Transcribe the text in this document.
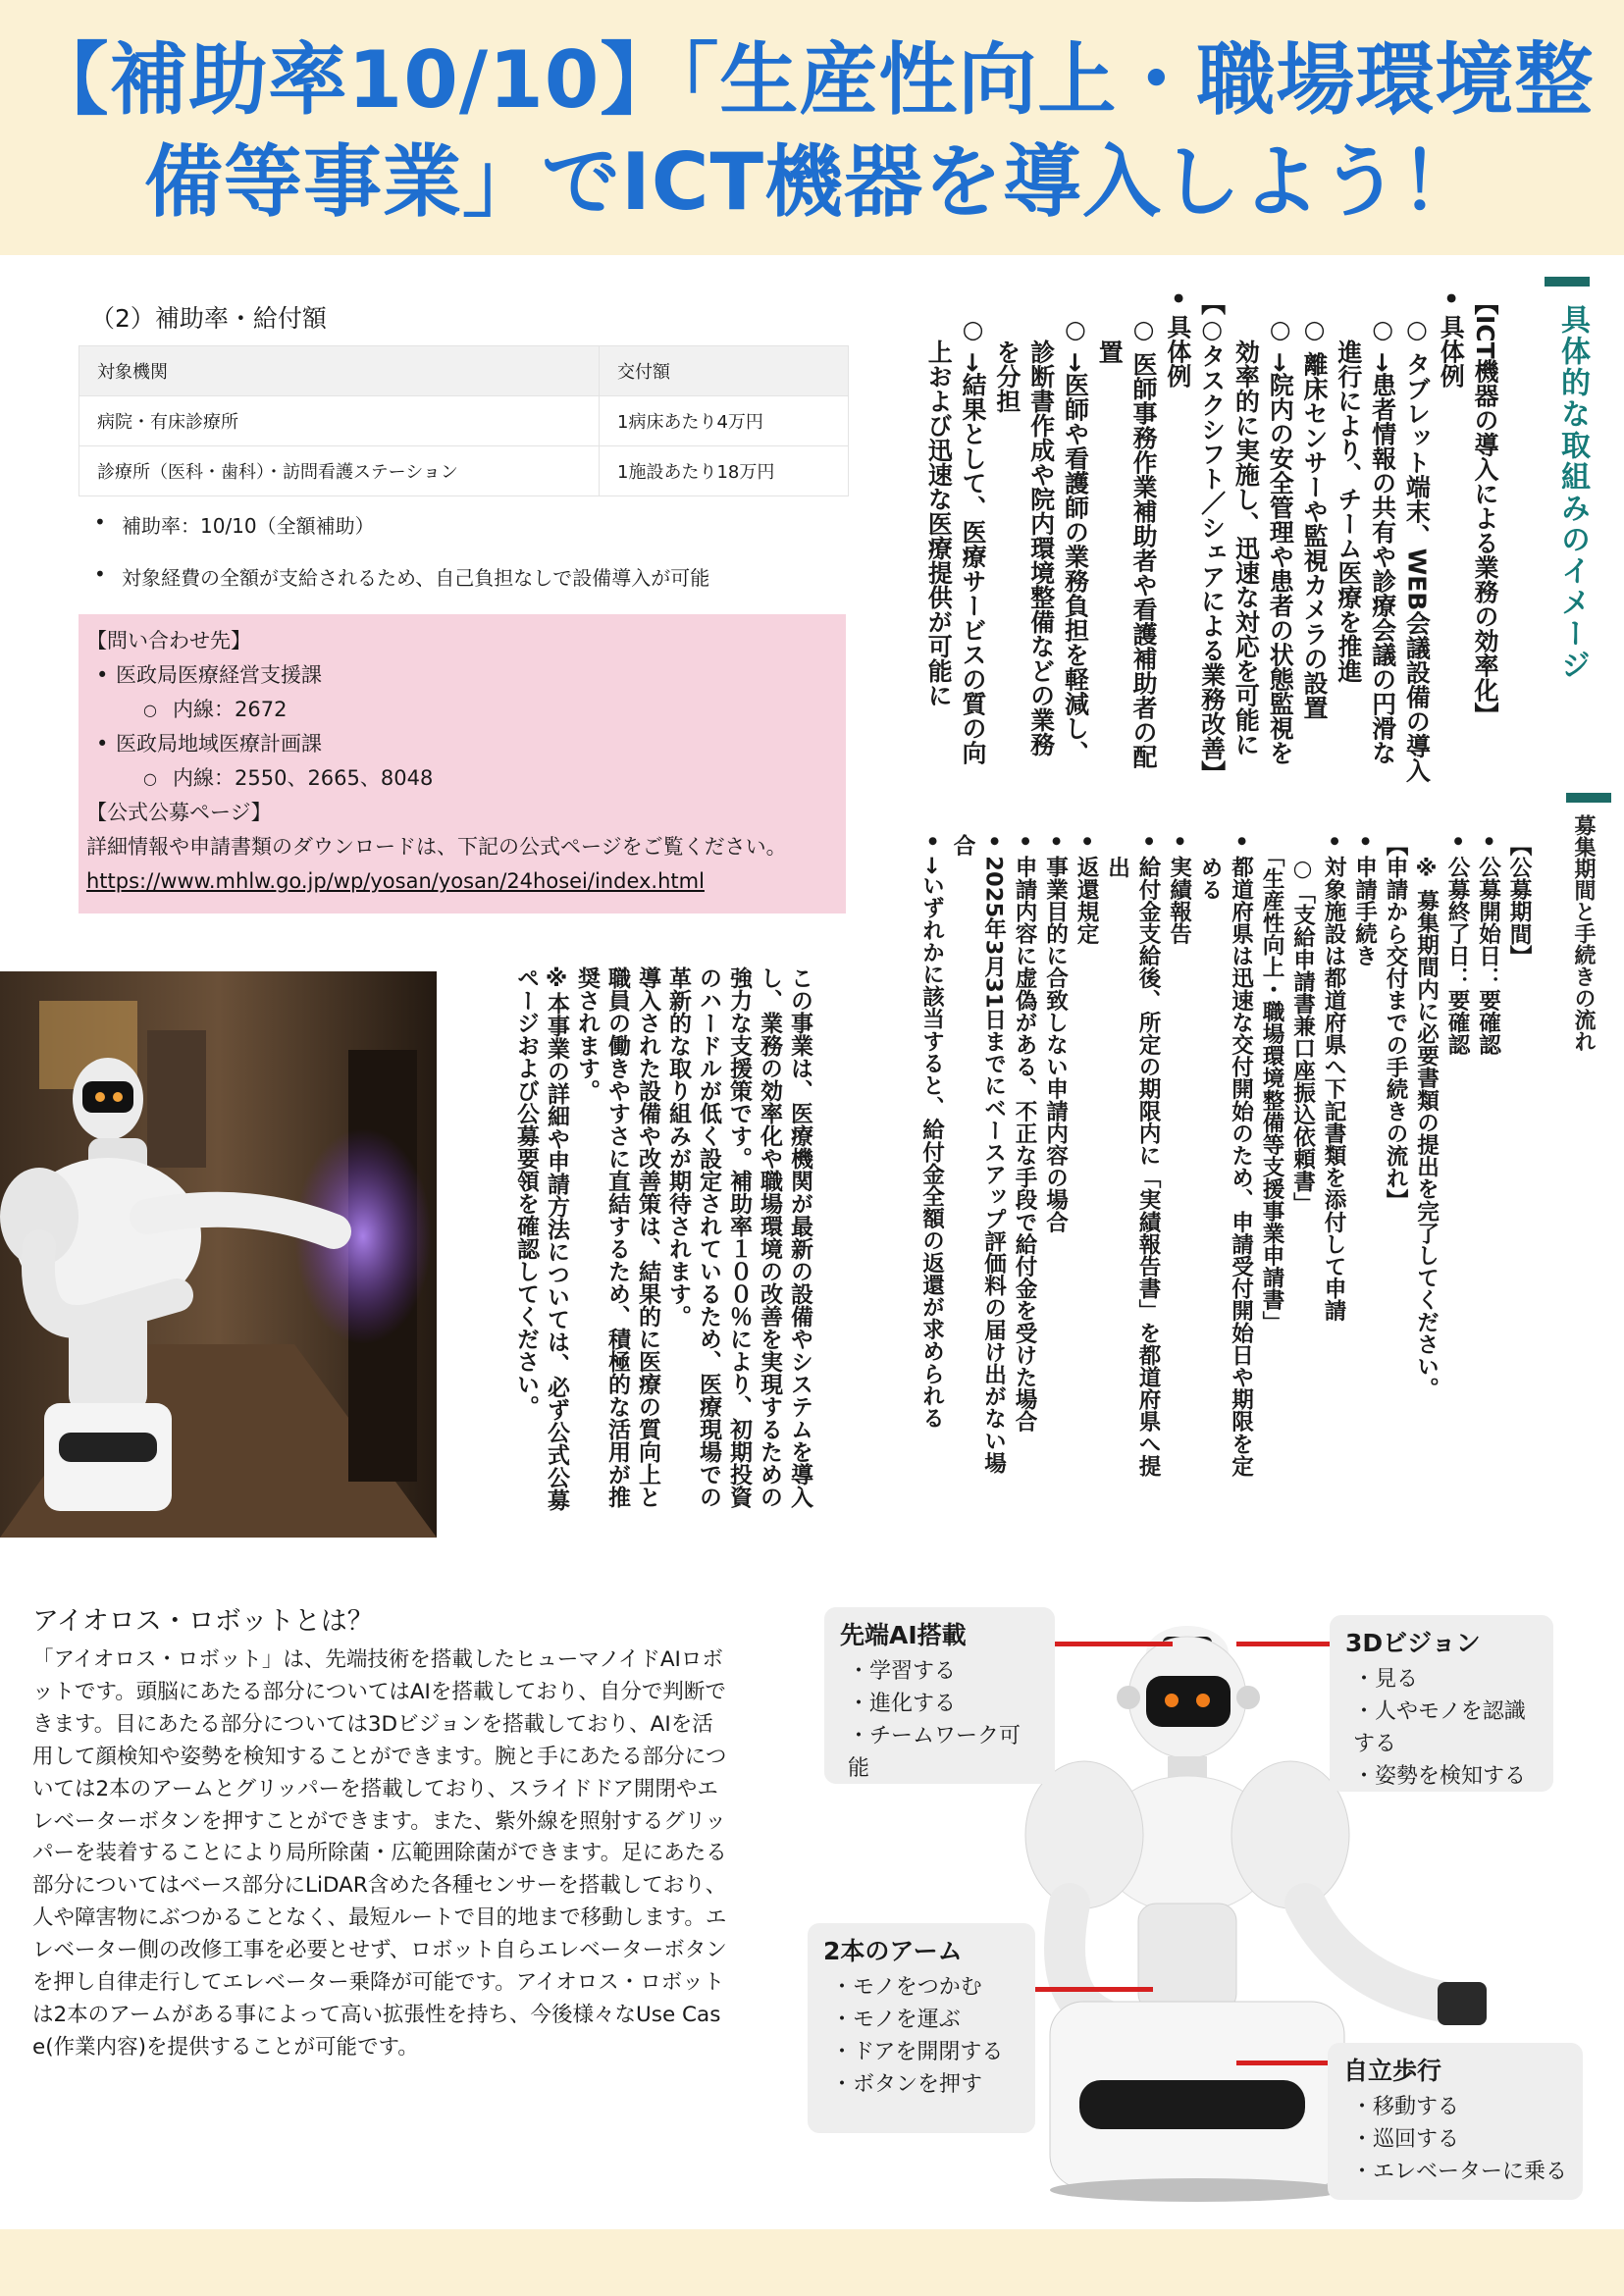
【補助率10/10】「生産性向上・職場環境整
備等事業」でICT機器を導入しよう！
（2）補助率・給付額
対象機関	交付額
病院・有床診療所	1病床あたり4万円
診療所（医科・歯科）・訪問看護ステーション	1施設あたり18万円
• 補助率：10/10（全額補助）
• 対象経費の全額が支給されるため、自己負担なしで設備導入が可能
【問い合わせ先】
• 医政局医療経営支援課
○ 内線：2672
• 医政局地域医療計画課
○ 内線：2550、2665、8048
【公式公募ページ】
詳細情報や申請書類のダウンロードは、下記の公式ページをご覧ください。
https://www.mhlw.go.jp/wp/yosan/yosan/24hosei/index.html
具体的な取組みのイメージ

【ICT機器の導入による業務の効率化】

• 具体例

　○ タブレット端末、WEB会議設備の導入

　○ →患者情報の共有や診療会議の円滑な

　　進行により、チーム医療を推進

　○ 離床センサーや監視カメラの設置

　○ →院内の安全管理や患者の状態監視を

　　効率的に実施し、迅速な対応を可能に

【○タスクシフト／シェアによる業務改善】

• 具体例

　○ 医師事務作業補助者や看護補助者の配

　　置

　○ →医師や看護師の業務負担を軽減し、

　　診断書作成や院内環境整備などの業務

　　を分担

　○ →結果として、医療サービスの質の向

　　上および迅速な医療提供が可能に

募集期間と手続きの流れ

【公募期間】

• 公募開始日：要確認

• 公募終了日：要確認

　※ 募集期間内に必要書類の提出を完了してください。

【申請から交付までの手続きの流れ】

• 申請手続き

• 対象施設は都道府県へ下記書類を添付して申請

　○「支給申請書兼口座振込依頼書」

　「生産性向上・職場環境整備等支援事業申請書」

• 都道府県は迅速な交付開始のため、申請受付開始日や期限を定

　める

• 実績報告

• 給付金支給後、所定の期限内に「実績報告書」を都道府県へ提

　出

• 返還規定

• 事業目的に合致しない申請内容の場合

• 申請内容に虚偽がある、不正な手段で給付金を受けた場合

• 2025年3月31日までにベースアップ評価料の届け出がない場合

• →いずれかに該当すると、給付金全額の返還が求められる

この事業は、医療機関が最新の設備やシステムを導入

し、業務の効率化や職場環境の改善を実現するための

強力な支援策です。補助率１００％により、初期投資

のハードルが低く設定されているため、医療現場での

革新的な取り組みが期待されます。

導入された設備や改善策は、結果的に医療の質向上と

職員の働きやすさに直結するため、積極的な活用が推

奨されます。

※本事業の詳細や申請方法については、必ず公式公募

ページおよび公募要領を確認してください。

アイオロス・ロボットとは？
「アイオロス・ロボット」は、先端技術を搭載したヒューマノイドAIロボットです。頭脳にあたる部分についてはAIを搭載しており、自分で判断できます。目にあたる部分については3Dビジョンを搭載しており、AIを活用して顔検知や姿勢を検知することができます。腕と手にあたる部分については2本のアームとグリッパーを搭載しており、スライドドア開閉やエレベーターボタンを押すことができます。また、紫外線を照射するグリッパーを装着することにより局所除菌・広範囲除菌ができます。足にあたる部分についてはベース部分にLiDAR含めた各種センサーを搭載しており、人や障害物にぶつかることなく、最短ルートで目的地まで移動します。エレベーター側の改修工事を必要とせず、ロボット自らエレベーターボタンを押し自律走行してエレベーター乗降が可能です。アイオロス・ロボットは2本のアームがある事によって高い拡張性を持ち、今後様々なUse Case(作業内容)を提供することが可能です。
先端AI搭載
・学習する
・進化する
・チームワーク可能
3Dビジョン
・見る
・人やモノを認識する
・姿勢を検知する
2本のアーム
・モノをつかむ
・モノを運ぶ
・ドアを開閉する
・ボタンを押す	自立歩行
・移動する
・巡回する
・エレベーターに乗る
